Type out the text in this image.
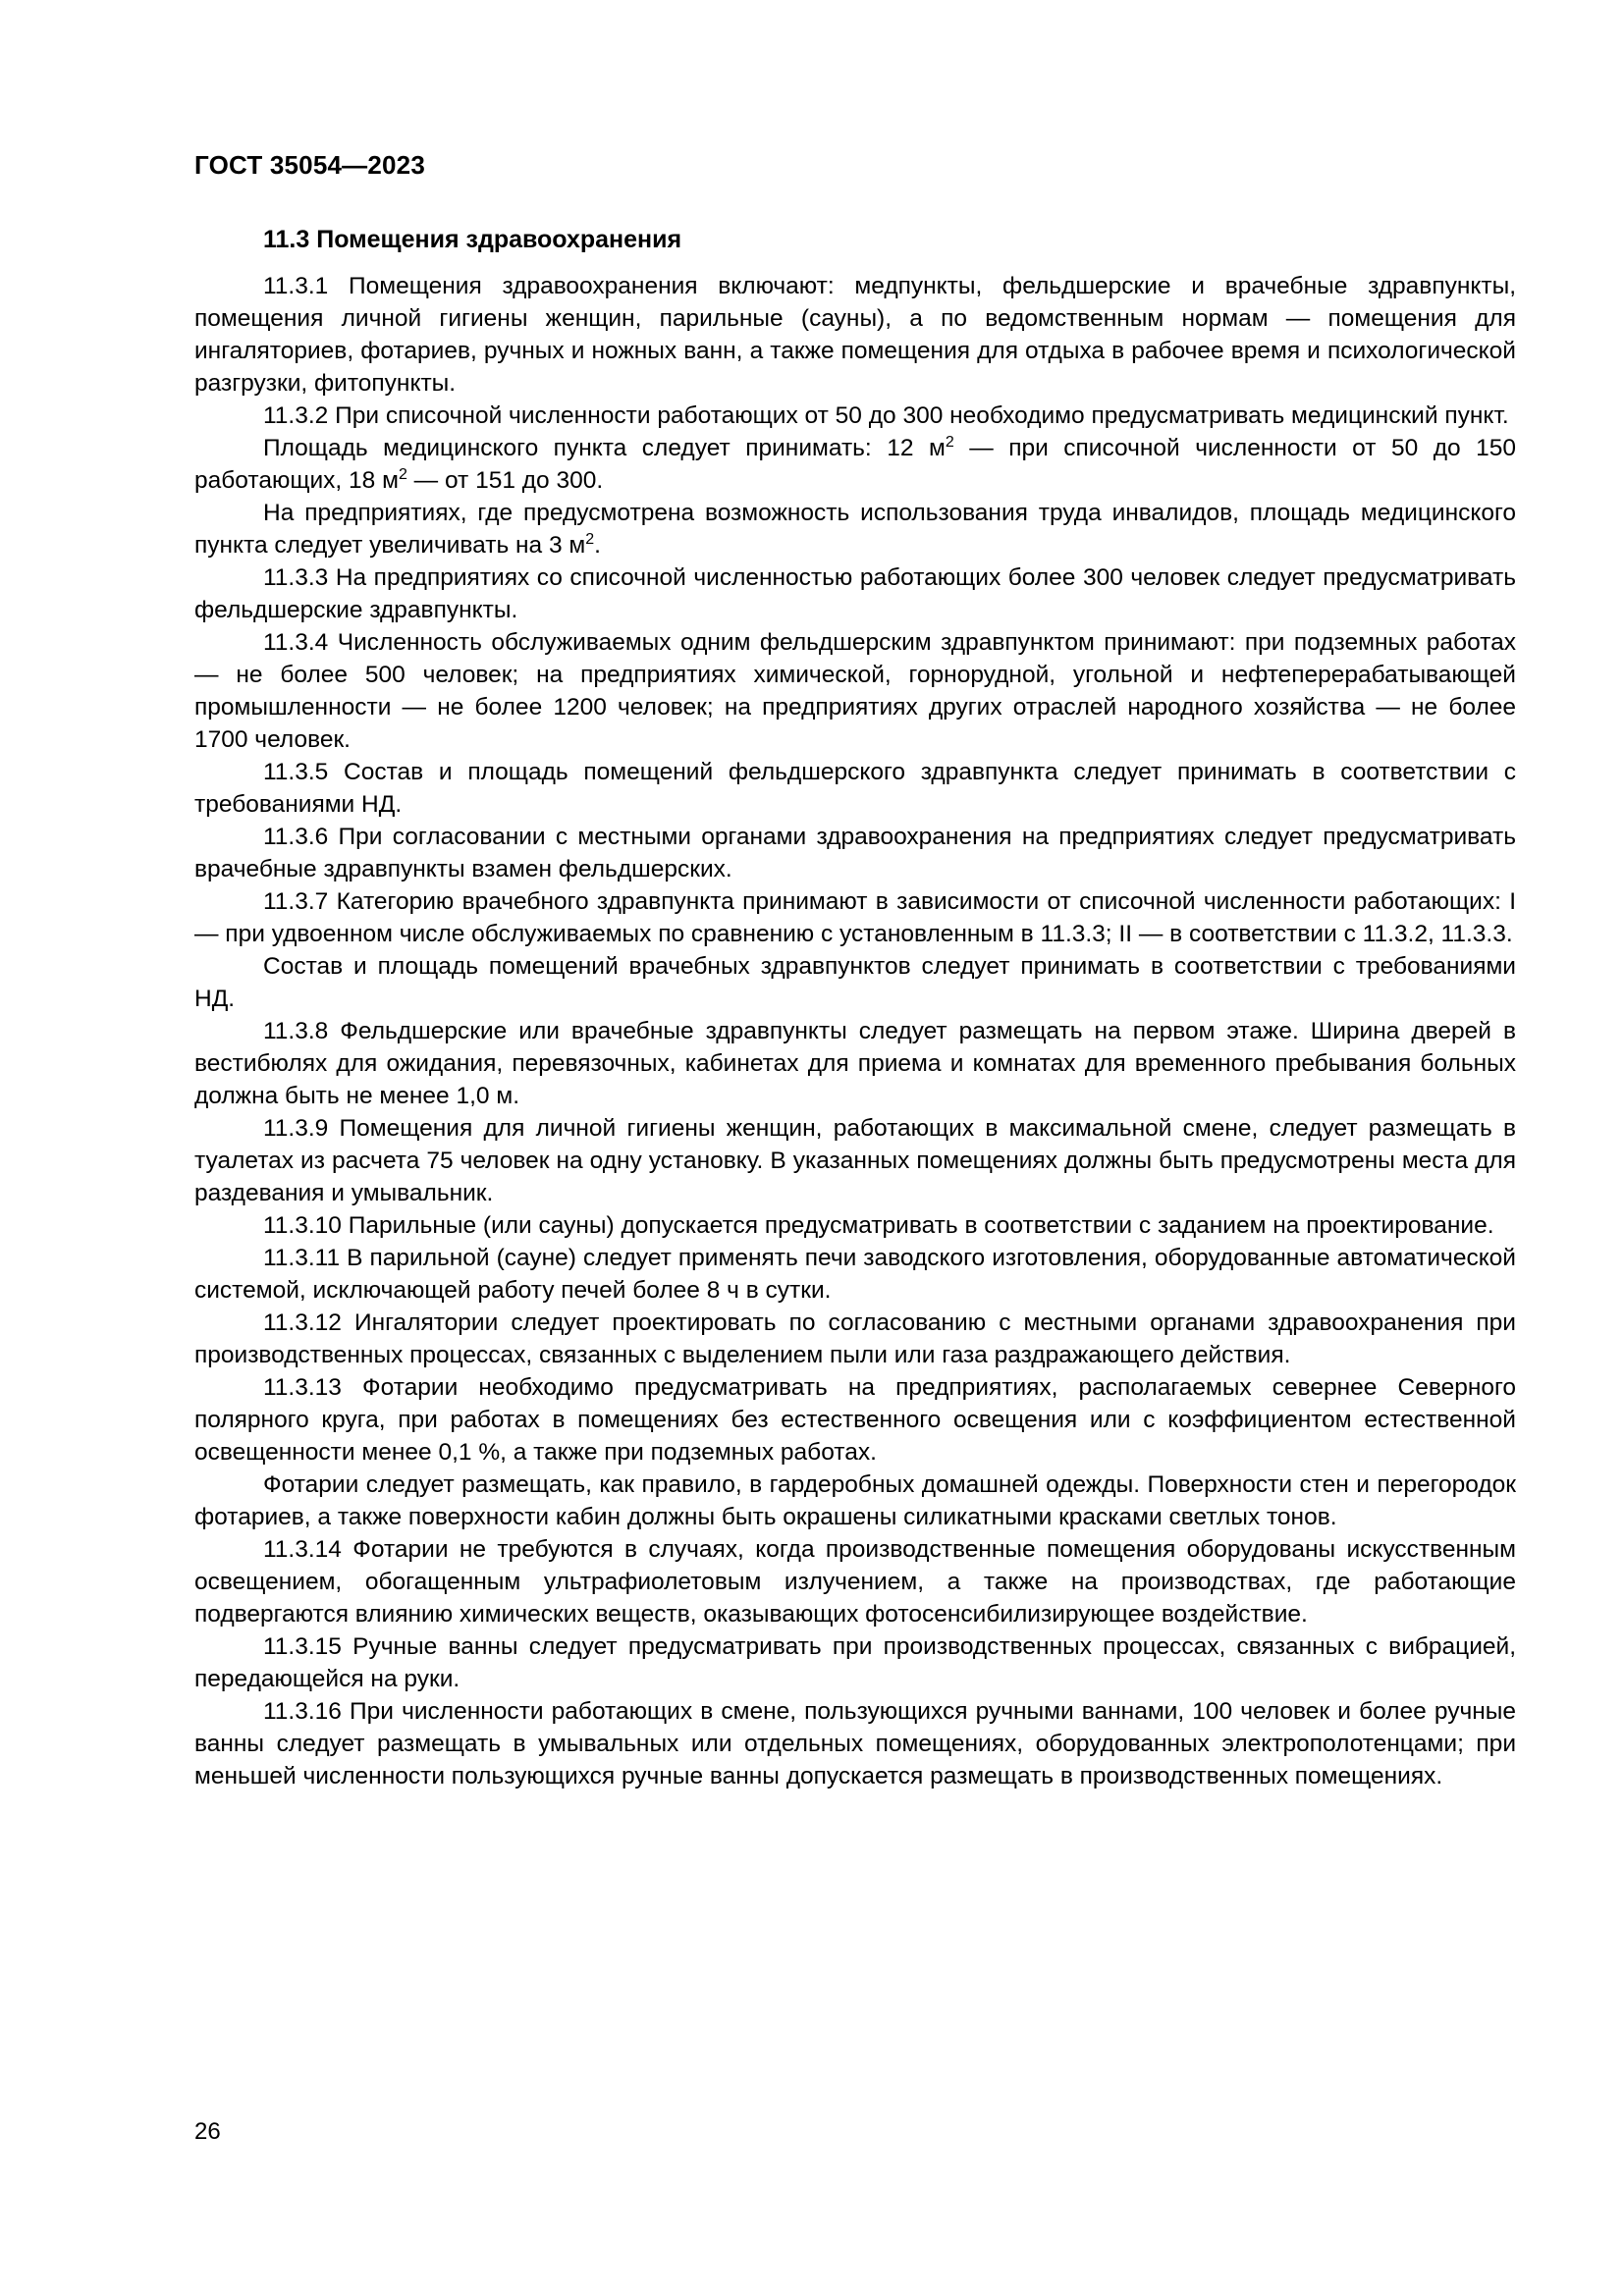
ГОСТ 35054—2023
11.3 Помещения здравоохранения

11.3.1 Помещения здравоохранения включают: медпункты, фельдшерские и врачебные здравпункты, помещения личной гигиены женщин, парильные (сауны), а по ведомственным нормам — помещения для ингаляториев, фотариев, ручных и ножных ванн, а также помещения для отдыха в рабочее время и психологической разгрузки, фитопункты.

11.3.2 При списочной численности работающих от 50 до 300 необходимо предусматривать медицинский пункт.

Площадь медицинского пункта следует принимать: 12 $м^2$ — при списочной численности от 50 до 150 работающих, 18 $м^2$ — от 151 до 300.

На предприятиях, где предусмотрена возможность использования труда инвалидов, площадь медицинского пункта следует увеличивать на 3 $м^2$.

11.3.3 На предприятиях со списочной численностью работающих более 300 человек следует предусматривать фельдшерские здравпункты.

11.3.4 Численность обслуживаемых одним фельдшерским здравпунктом принимают: при подземных работах — не более 500 человек; на предприятиях химической, горнорудной, угольной и нефтеперерабатывающей промышленности — не более 1200 человек; на предприятиях других отраслей народного хозяйства — не более 1700 человек.

11.3.5 Состав и площадь помещений фельдшерского здравпункта следует принимать в соответствии с требованиями НД.

11.3.6 При согласовании с местными органами здравоохранения на предприятиях следует предусматривать врачебные здравпункты взамен фельдшерских.

11.3.7 Категорию врачебного здравпункта принимают в зависимости от списочной численности работающих: I — при удвоенном числе обслуживаемых по сравнению с установленным в 11.3.3; II — в соответствии с 11.3.2, 11.3.3.

Состав и площадь помещений врачебных здравпунктов следует принимать в соответствии с требованиями НД.

11.3.8 Фельдшерские или врачебные здравпункты следует размещать на первом этаже. Ширина дверей в вестибюлях для ожидания, перевязочных, кабинетах для приема и комнатах для временного пребывания больных должна быть не менее 1,0 м.

11.3.9 Помещения для личной гигиены женщин, работающих в максимальной смене, следует размещать в туалетах из расчета 75 человек на одну установку. В указанных помещениях должны быть предусмотрены места для раздевания и умывальник.

11.3.10 Парильные (или сауны) допускается предусматривать в соответствии с заданием на проектирование.

11.3.11 В парильной (сауне) следует применять печи заводского изготовления, оборудованные автоматической системой, исключающей работу печей более 8 ч в сутки.

11.3.12 Ингалятории следует проектировать по согласованию с местными органами здравоохранения при производственных процессах, связанных с выделением пыли или газа раздражающего действия.

11.3.13 Фотарии необходимо предусматривать на предприятиях, располагаемых севернее Северного полярного круга, при работах в помещениях без естественного освещения или с коэффициентом естественной освещенности менее 0,1 %, а также при подземных работах.

Фотарии следует размещать, как правило, в гардеробных домашней одежды. Поверхности стен и перегородок фотариев, а также поверхности кабин должны быть окрашены силикатными красками светлых тонов.

11.3.14 Фотарии не требуются в случаях, когда производственные помещения оборудованы искусственным освещением, обогащенным ультрафиолетовым излучением, а также на производствах, где работающие подвергаются влиянию химических веществ, оказывающих фотосенсибилизирующее воздействие.

11.3.15 Ручные ванны следует предусматривать при производственных процессах, связанных с вибрацией, передающейся на руки.

11.3.16 При численности работающих в смене, пользующихся ручными ваннами, 100 человек и более ручные ванны следует размещать в умывальных или отдельных помещениях, оборудованных электрополотенцами; при меньшей численности пользующихся ручные ванны допускается размещать в производственных помещениях.

26
